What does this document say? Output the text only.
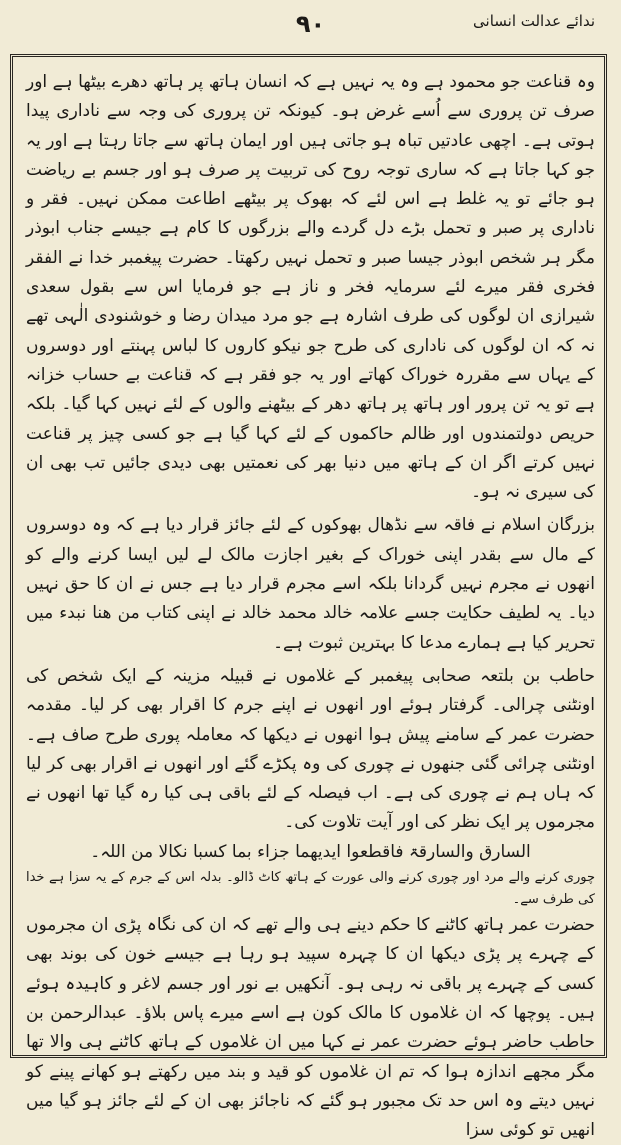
ندائے عدالت انسانی
۹۰

وہ قناعت جو محمود ہے وہ یہ نہیں ہے کہ انسان ہاتھ پر ہاتھ دھرے بیٹھا ہے اور صرف تن پروری سے اُسے غرض ہو۔ کیونکہ تن پروری کی وجہ سے ناداری پیدا ہوتی ہے۔ اچھی عادتیں تباہ ہو جاتی ہیں اور ایمان ہاتھ سے جاتا رہتا ہے اور یہ جو کہا جاتا ہے کہ ساری توجہ روح کی تربیت پر صرف ہو اور جسم بے ریاضت ہو جائے تو یہ غلط ہے اس لئے کہ بھوک پر بیٹھے اطاعت ممکن نہیں۔ فقر و ناداری پر صبر و تحمل بڑے دل گردے والے بزرگوں کا کام ہے جیسے جناب ابوذر مگر ہر شخص ابوذر جیسا صبر و تحمل نہیں رکھتا۔ حضرت پیغمبر خدا نے الفقر فخری فقر میرے لئے سرمایہ فخر و ناز ہے جو فرمایا اس سے بقول سعدی شیرازی ان لوگوں کی طرف اشارہ ہے جو مرد میدان رضا و خوشنودی الٰہی تھے نہ کہ ان لوگوں کی ناداری کی طرح جو نیکو کاروں کا لباس پہنتے اور دوسروں کے یہاں سے مقررہ خوراک کھاتے اور یہ جو فقر ہے کہ قناعت بے حساب خزانہ ہے تو یہ تن پرور اور ہاتھ پر ہاتھ دھر کے بیٹھنے والوں کے لئے نہیں کہا گیا۔ بلکہ حریص دولتمندوں اور ظالم حاکموں کے لئے کہا گیا ہے جو کسی چیز پر قناعت نہیں کرتے اگر ان کے ہاتھ میں دنیا بھر کی نعمتیں بھی دیدی جائیں تب بھی ان کی سیری نہ ہو۔

بزرگان اسلام نے فاقہ سے نڈھال بھوکوں کے لئے جائز قرار دیا ہے کہ وہ دوسروں کے مال سے بقدر اپنی خوراک کے بغیر اجازت مالک لے لیں ایسا کرنے والے کو انھوں نے مجرم نہیں گردانا بلکہ اسے مجرم قرار دیا ہے جس نے ان کا حق نہیں دیا۔ یہ لطیف حکایت جسے علامہ خالد محمد خالد نے اپنی کتاب من ھنا نبدء میں تحریر کیا ہے ہمارے مدعا کا بہترین ثبوت ہے۔

حاطب بن بلتعہ صحابی پیغمبر کے غلاموں نے قبیلہ مزینہ کے ایک شخص کی اونٹنی چرالی۔ گرفتار ہوئے اور انھوں نے اپنے جرم کا اقرار بھی کر لیا۔ مقدمہ حضرت عمر کے سامنے پیش ہوا انھوں نے دیکھا کہ معاملہ پوری طرح صاف ہے۔ اونٹنی چرائی گئی جنھوں نے چوری کی وہ پکڑے گئے اور انھوں نے اقرار بھی کر لیا کہ ہاں ہم نے چوری کی ہے۔ اب فیصلہ کے لئے باقی ہی کیا رہ گیا تھا انھوں نے مجرموں پر ایک نظر کی اور آیت تلاوت کی۔

السارق والسارقۃ فاقطعوا ایدیھما جزاء بما کسبا نکالا من اللہ۔

چوری کرنے والے مرد اور چوری کرنے والی عورت کے ہاتھ کاٹ ڈالو۔ بدلہ اس کے جرم کے یہ سزا ہے خدا کی طرف سے۔

حضرت عمر ہاتھ کاٹنے کا حکم دینے ہی والے تھے کہ ان کی نگاہ پڑی ان مجرموں کے چہرے پر پڑی دیکھا ان کا چہرہ سپید ہو رہا ہے جیسے خون کی بوند بھی کسی کے چہرے پر باقی نہ رہی ہو۔ آنکھیں بے نور اور جسم لاغر و کاہیدہ ہوئے ہیں۔ پوچھا کہ ان غلاموں کا مالک کون ہے اسے میرے پاس بلاؤ۔ عبدالرحمن بن حاطب حاضر ہوئے حضرت عمر نے کہا میں ان غلاموں کے ہاتھ کاٹنے ہی والا تھا مگر مجھے اندازہ ہوا کہ تم ان غلاموں کو قید و بند میں رکھتے ہو کھانے پینے کو نہیں دیتے وہ اس حد تک مجبور ہو گئے کہ ناجائز بھی ان کے لئے جائز ہو گیا میں انھیں تو کوئی سزا
